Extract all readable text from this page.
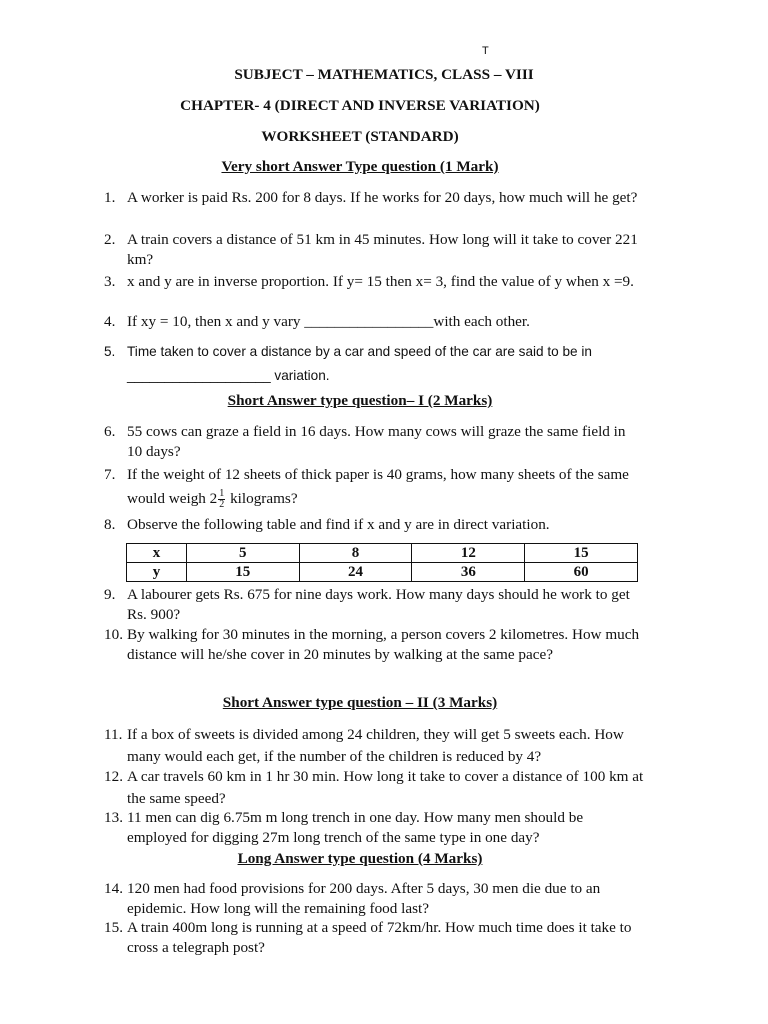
T
SUBJECT – MATHEMATICS, CLASS – VIII
CHAPTER- 4 (DIRECT AND INVERSE VARIATION)
WORKSHEET (STANDARD)
Very short Answer Type question (1 Mark)
1. A worker is paid Rs. 200 for 8 days. If he works for 20 days, how much will he get?
2. A train covers a distance of 51 km in 45 minutes. How long will it take to cover 221 km?
3. x and y are in inverse proportion. If y= 15 then x= 3, find the value of y when x =9.
4. If xy = 10, then x and y vary _________________with each other.
5. Time taken to cover a distance by a car and speed of the car are said to be in ___________________ variation.
Short Answer type question– I (2 Marks)
6. 55 cows can graze a field in 16 days. How many cows will graze the same field in 10 days?
7. If the weight of 12 sheets of thick paper is 40 grams, how many sheets of the same would weigh $2 \frac{1}{2}$ kilograms?
8. Observe the following table and find if x and y are in direct variation.
x	5	8	12	15
y	15	24	36	60
9. A labourer gets Rs. 675 for nine days work. How many days should he work to get Rs. 900?
10. By walking for 30 minutes in the morning, a person covers 2 kilometres. How much distance will he/she cover in 20 minutes by walking at the same pace?
Short Answer type question – II (3 Marks)
11. If a box of sweets is divided among 24 children, they will get 5 sweets each. How many would each get, if the number of the children is reduced by 4?
12. A car travels 60 km in 1 hr 30 min. How long it take to cover a distance of 100 km at the same speed?
13. 11 men can dig 6.75m m long trench in one day. How many men should be employed for digging 27m long trench of the same type in one day?
Long Answer type question (4 Marks)
14. 120 men had food provisions for 200 days. After 5 days, 30 men die due to an epidemic. How long will the remaining food last?
15. A train 400m long is running at a speed of 72km/hr. How much time does it take to cross a telegraph post?
